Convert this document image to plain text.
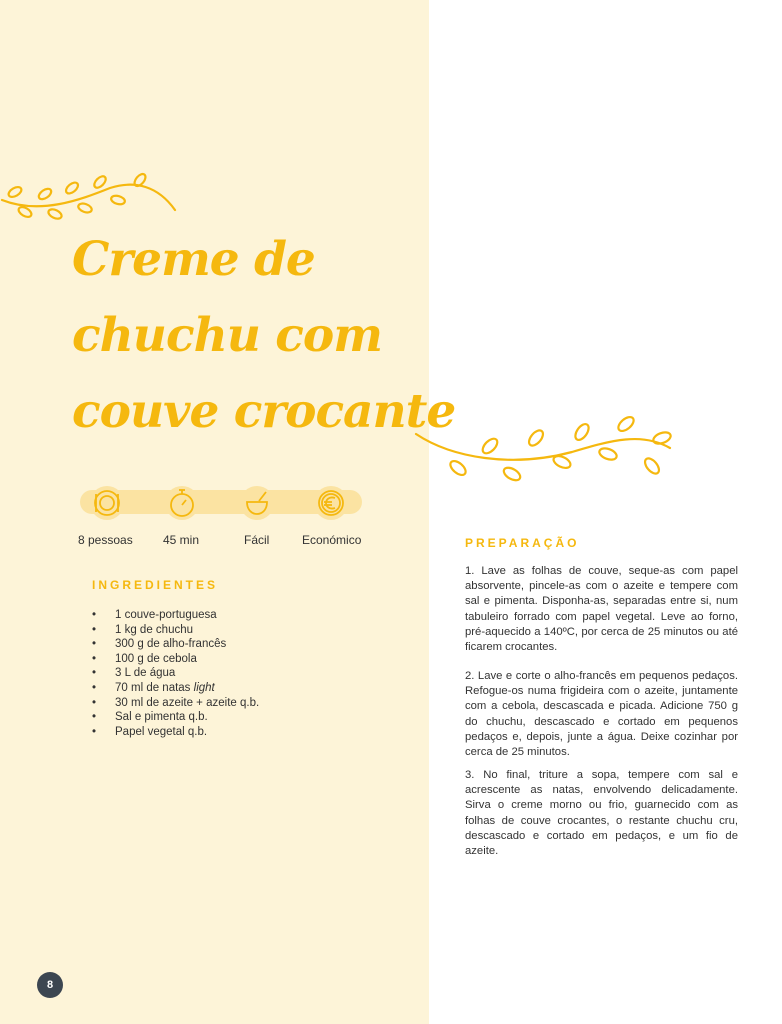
Creme de
chuchu com
couve crocante
8 pessoas	45 min	Fácil	Económico
INGREDIENTES
• 1 couve-portuguesa
• 1 kg de chuchu
• 300 g de alho-francês
• 100 g de cebola
• 3 L de água
• 70 ml de natas light
• 30 ml de azeite + azeite q.b.
• Sal e pimenta q.b.
• Papel vegetal q.b.
PREPARAÇÃO

1. Lave as folhas de couve, seque-as com papel absorvente, pincele-as com o azeite e tempere com sal e pimenta. Disponha-as, separadas entre si, num tabuleiro forrado com papel vegetal. Leve ao forno, pré-aquecido a 140ºC, por cerca de 25 minutos ou até ficarem crocantes.

2. Lave e corte o alho-francês em pequenos pedaços. Refogue-os numa frigideira com o azeite, juntamente com a cebola, descascada e picada. Adicione 750 g do chuchu, descascado e cortado em pequenos pedaços e, depois, junte a água. Deixe cozinhar por cerca de 25 minutos.

3. No final, triture a sopa, tempere com sal e acrescente as natas, envolvendo delicadamente. Sirva o creme morno ou frio, guarnecido com as folhas de couve crocantes, o restante chuchu cru, descascado e cortado em pedaços, e um fio de azeite.

8
